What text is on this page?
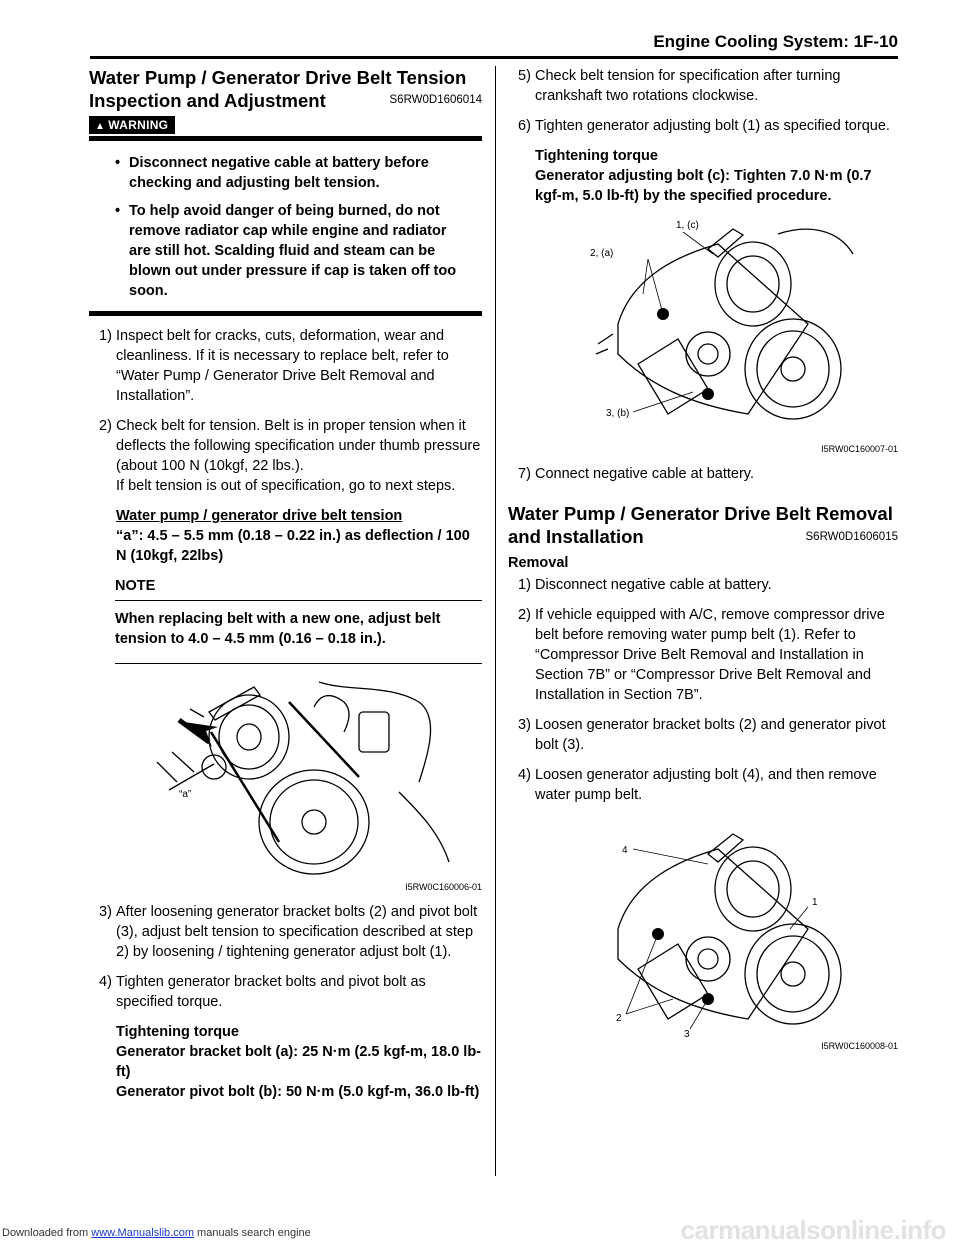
Engine Cooling System: 1F-10
Water Pump / Generator Drive Belt Tension Inspection and Adjustment	S6RW0D1606014
▲ WARNING
• Disconnect negative cable at battery before checking and adjusting belt tension.
• To help avoid danger of being burned, do not remove radiator cap while engine and radiator are still hot. Scalding fluid and steam can be blown out under pressure if cap is taken off too soon.
1) Inspect belt for cracks, cuts, deformation, wear and cleanliness. If it is necessary to replace belt, refer to “Water Pump / Generator Drive Belt Removal and Installation”.
2) Check belt for tension. Belt is in proper tension when it deflects the following specification under thumb pressure (about 100 N (10kgf, 22 lbs.).
If belt tension is out of specification, go to next steps.
Water pump / generator drive belt tension
“a”: 4.5 – 5.5 mm (0.18 – 0.22 in.) as deflection / 100 N (10kgf, 22lbs)
NOTE
When replacing belt with a new one, adjust belt tension to 4.0 – 4.5 mm (0.16 – 0.18 in.).
“a”
I5RW0C160006-01
3) After loosening generator bracket bolts (2) and pivot bolt (3), adjust belt tension to specification described at step 2) by loosening / tightening generator adjust bolt (1).
4) Tighten generator bracket bolts and pivot bolt as specified torque.
Tightening torque
Generator bracket bolt (a): 25 N·m (2.5 kgf-m, 18.0 lb-ft)
Generator pivot bolt (b): 50 N·m (5.0 kgf-m, 36.0 lb-ft)
5) Check belt tension for specification after turning crankshaft two rotations clockwise.
6) Tighten generator adjusting bolt (1) as specified torque.
Tightening torque
Generator adjusting bolt (c): Tighten 7.0 N·m (0.7 kgf-m, 5.0 lb-ft) by the specified procedure.
1, (c)
2, (a)
3, (b)
I5RW0C160007-01
7) Connect negative cable at battery.
Water Pump / Generator Drive Belt Removal and Installation	S6RW0D1606015
Removal
1) Disconnect negative cable at battery.
2) If vehicle equipped with A/C, remove compressor drive belt before removing water pump belt (1). Refer to “Compressor Drive Belt Removal and Installation in Section 7B” or “Compressor Drive Belt Removal and Installation in Section 7B”.
3) Loosen generator bracket bolts (2) and generator pivot bolt (3).
4) Loosen generator adjusting bolt (4), and then remove water pump belt.
4
1
2
3
I5RW0C160008-01
Downloaded from www.Manualslib.com manuals search engine	carmanualsonline.info
